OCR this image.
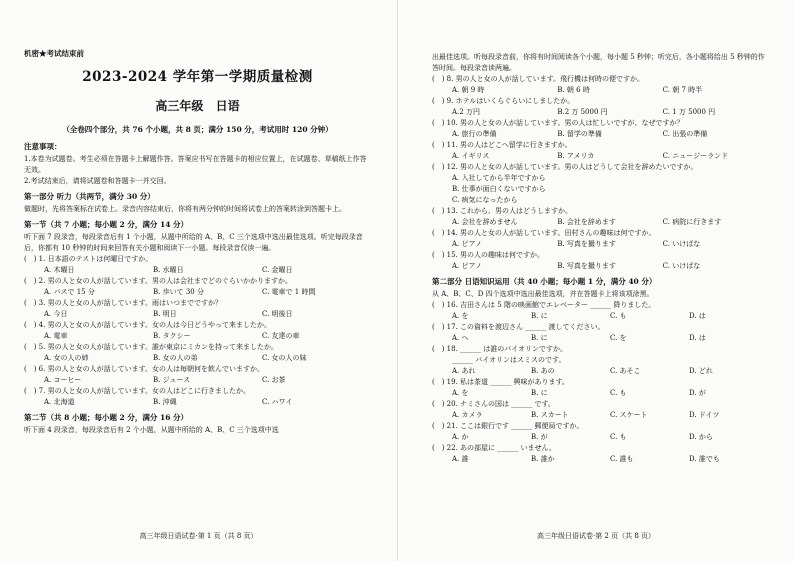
机密★考试结束前

2023-2024 学年第一学期质量检测

高三年级 日语

（全卷四个部分，共 76 个小题，共 8 页；满分 150 分，考试用时 120 分钟）

注意事项：

1.本卷为试题卷。考生必须在答题卡上解题作答。答案应书写在答题卡的相应位置上，在试题卷、草稿纸上作答无效。

2.考试结束后，请将试题卷和答题卡一并交回。

第一部分 听力（共两节，满分 30 分）

做题时，先将答案标在试卷上。录音内容结束后，你将有两分钟的时间将试卷上的答案转涂到答题卡上。

第一节（共 7 小题；每小题 2 分，满分 14 分）

听下面 7 段录音，每段录音后有 1 个小题，从题中所给的 A、B、C 三个选项中选出最佳选项。听完每段录音后，你都有 10 秒钟的时间来回答有关小题和阅读下一小题。每段录音仅读一遍。

(　) 1. 日本語のテストは何曜日ですか。

A. 木曜日	B. 水曜日	C. 金曜日

(　) 2. 男の人と女の人が話しています。男の人は会社までどのぐらいかかりますか。

A. バスで 15 分	B. 歩いて 30 分	C. 電車で 1 時間

(　) 3. 男の人と女の人が話しています。雨はいつまでですか？

A. 今日	B. 明日	C. 明後日

(　) 4. 男の人と女の人が話しています。女の人は今日どうやって来ましたか。

A. 電車	B. タクシー	C. 友達の車

(　) 5. 男の人と女の人が話しています。誰が東京にミカンを持って来ましたか。

A. 女の人の姉	B. 女の人の弟	C. 女の人の妹

(　) 6. 男の人と女の人が話しています。女の人は毎朝何を飲んでいますか。

A. コーヒー	B. ジュース	C. お茶

(　) 7. 男の人と女の人が話しています。女の人はどこに行きましたか。

A. 北海道	B. 沖縄	C. ハワイ

第二节（共 8 小题；每小题 2 分，满分 16 分）

听下面 4 段录音，每段录音后有 2 个小题，从题中所给的 A、B、C 三个选项中选

高三年级日语试卷·第 1 页（共 8 页）

出最佳选项。听每段录音前，你将有时间阅读各个小题，每小题 5 秒钟；听完后，各小题将给出 5 秒钟的作答时间。每段录音读两遍。

(　) 8. 男の人と女の人が話しています。飛行機は何時の便ですか。

A. 朝 9 時	B. 朝 6 時	C. 朝 7 時半

(　) 9. ホテルはいくらぐらいにしましたか。

A.2 万円	B.2 万 5000 円	C. 1 万 5000 円

(　) 10. 男の人と女の人が話しています。男の人は忙しいですが、なぜですか？

A. 旅行の準備	B. 留学の準備	C. 出張の準備

(　) 11. 男の人はどこへ留学に行きますか。

A. イギリス	B. アメリカ	C. ニュージーランド

(　) 12. 男の人と女の人が話しています。男の人はどうして会社を辞めたいですか。

A. 入社してから半年ですから

B. 仕事が面白くないですから

C. 病気になったから

(　) 13. これから、男の人はどうしますか。

A. 会社を辞めません	B. 会社を辞めます	C. 病院に行きます

(　) 14. 男の人と女の人が話しています。田村さんの趣味は何ですか。

A. ピアノ	B. 写真を撮ります	C. いけばな

(　) 15. 男の人の趣味は何ですか。

A. ピアノ	B. 写真を撮ります	C. いけばな

第二部分 日语知识运用（共 40 小题；每小题 1 分，满分 40 分）

从 A、B、C、D 四个选项中选出最佳选项，并在答题卡上将该项涂黑。

(　) 16. 吉田さんは 5 階の映画館でエレベーター ______ 降りました。

A. を	B. に	C. も	D. は

(　) 17. この資料を渡辺さん ______ 渡してください。

A. へ	B. に	C. を	D. は

(　) 18. ______ は誰のバイオリンですか。

______ バイオリンはスミスのです。

A. あれ	B. あの	C. あそこ	D. どれ

(　) 19. 私は茶道 ______ 興味があります。

A. を	B. に	C. も	D. が

(　) 20. ナミさんの国は ______ です。

A. カメラ	B. スカート	C. スケート	D. ドイツ

(　) 21. ここは銀行です ______ 郵便局ですか。

A. か	B. が	C. も	D. から

(　) 22. あの部屋に ______ いません。

A. 誰	B. 誰か	C. 誰も	D. 誰でも
高三年级日语试卷·第 2 页（共 8 页）
